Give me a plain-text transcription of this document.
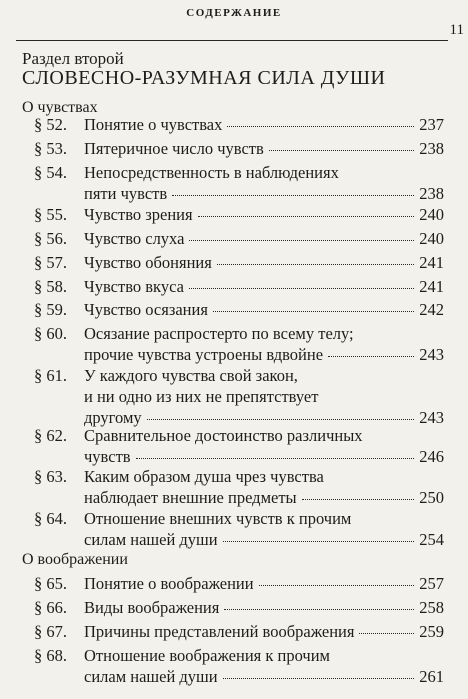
СОДЕРЖАНИЕ
11
Раздел второй
СЛОВЕСНО-РАЗУМНАЯ СИЛА ДУШИ
О чувствах
§ 52. Понятие о чувствах	237
§ 53. Пятеричное число чувств	238
§ 54. Непосредственность в наблюдениях
пяти чувств	238
§ 55. Чувство зрения	240
§ 56. Чувство слуха	240
§ 57. Чувство обоняния	241
§ 58. Чувство вкуса	241
§ 59. Чувство осязания	242
§ 60. Осязание распростерто по всему телу;
прочие чувства устроены вдвойне	243
§ 61. У каждого чувства свой закон,
и ни одно из них не препятствует
другому	243
§ 62. Сравнительное достоинство различных
чувств	246
§ 63. Каким образом душа чрез чувства
наблюдает внешние предметы	250
§ 64. Отношение внешних чувств к прочим
силам нашей души	254
О воображении
§ 65. Понятие о воображении	257
§ 66. Виды воображения	258
§ 67. Причины представлений воображения	259
§ 68. Отношение воображения к прочим
силам нашей души	261
